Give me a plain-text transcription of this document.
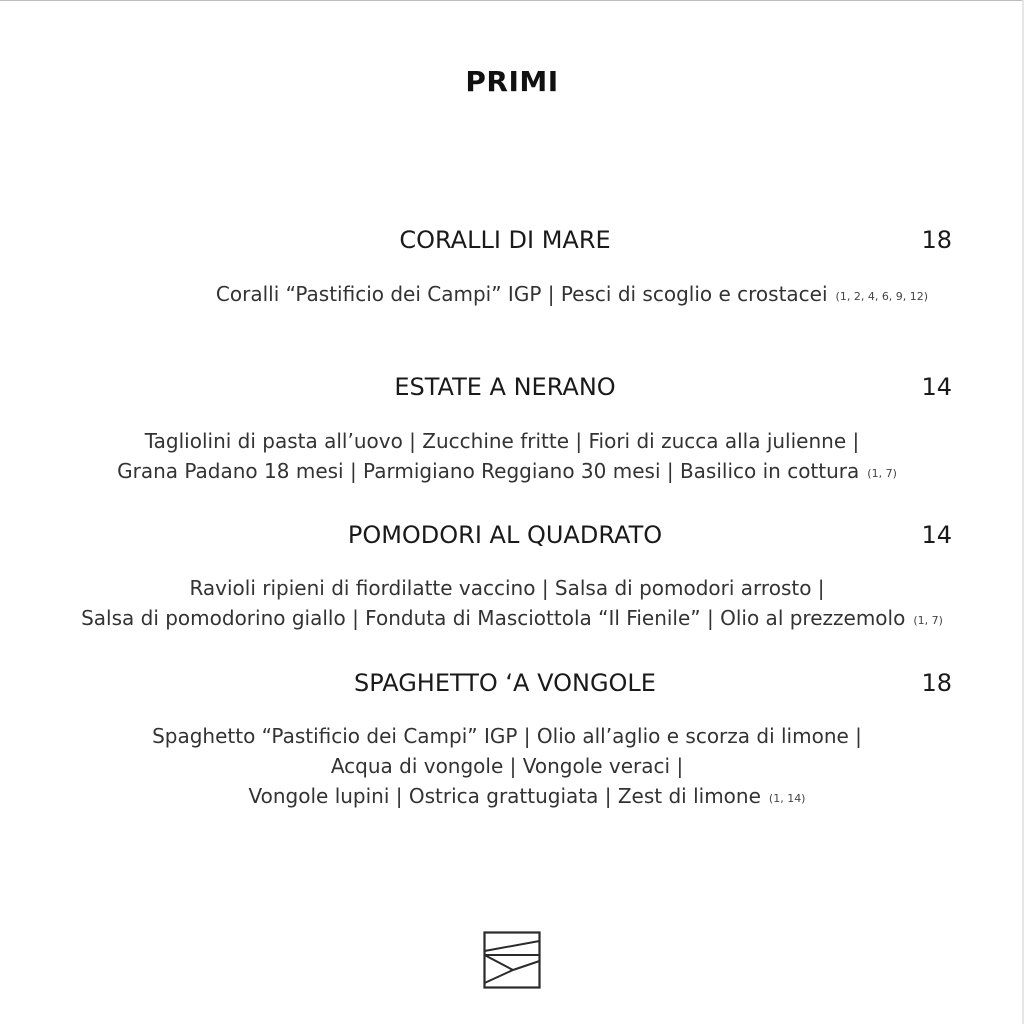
PRIMI
CORALLI DI MARE	18
Coralli “Pastificio dei Campi” IGP | Pesci di scoglio e crostacei (1, 2, 4, 6, 9, 12)
ESTATE A NERANO	14
Tagliolini di pasta all’uovo | Zucchine fritte | Fiori di zucca alla julienne |
Grana Padano 18 mesi | Parmigiano Reggiano 30 mesi | Basilico in cottura (1, 7)
POMODORI AL QUADRATO	14
Ravioli ripieni di fiordilatte vaccino | Salsa di pomodori arrosto |
Salsa di pomodorino giallo | Fonduta di Masciottola “Il Fienile” | Olio al prezzemolo (1, 7)
SPAGHETTO ‘A VONGOLE	18
Spaghetto “Pastificio dei Campi” IGP | Olio all’aglio e scorza di limone |
Acqua di vongole | Vongole veraci |
Vongole lupini | Ostrica grattugiata | Zest di limone (1, 14)
